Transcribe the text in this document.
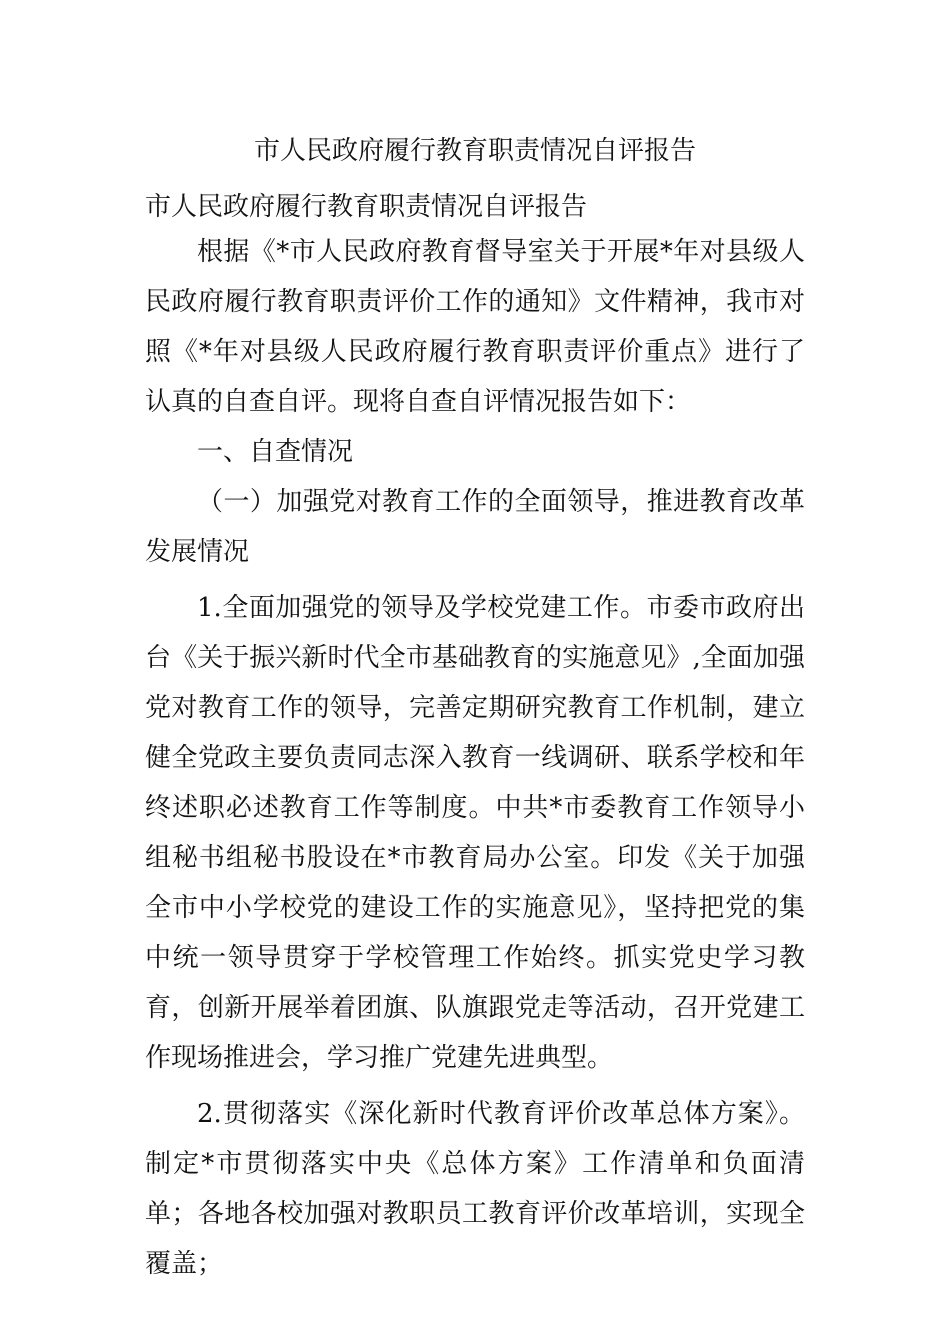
市人民政府履行教育职责情况自评报告
市人民政府履行教育职责情况自评报告

根据《*市人民政府教育督导室关于开展*年对县级人民政府履行教育职责评价工作的通知》文件精神，我市对照《*年对县级人民政府履行教育职责评价重点》进行了认真的自查自评。现将自查自评情况报告如下：

一、自查情况

（一）加强党对教育工作的全面领导，推进教育改革发展情况

1.全面加强党的领导及学校党建工作。市委市政府出台《关于振兴新时代全市基础教育的实施意见》,全面加强党对教育工作的领导，完善定期研究教育工作机制，建立健全党政主要负责同志深入教育一线调研、联系学校和年终述职必述教育工作等制度。中共*市委教育工作领导小组秘书组秘书股设在*市教育局办公室。印发《关于加强全市中小学校党的建设工作的实施意见》，坚持把党的集中统一领导贯穿于学校管理工作始终。抓实党史学习教育，创新开展举着团旗、队旗跟党走等活动，召开党建工作现场推进会，学习推广党建先进典型。

2.贯彻落实《深化新时代教育评价改革总体方案》。制定*市贯彻落实中央《总体方案》工作清单和负面清单；各地各校加强对教职员工教育评价改革培训，实现全覆盖；
